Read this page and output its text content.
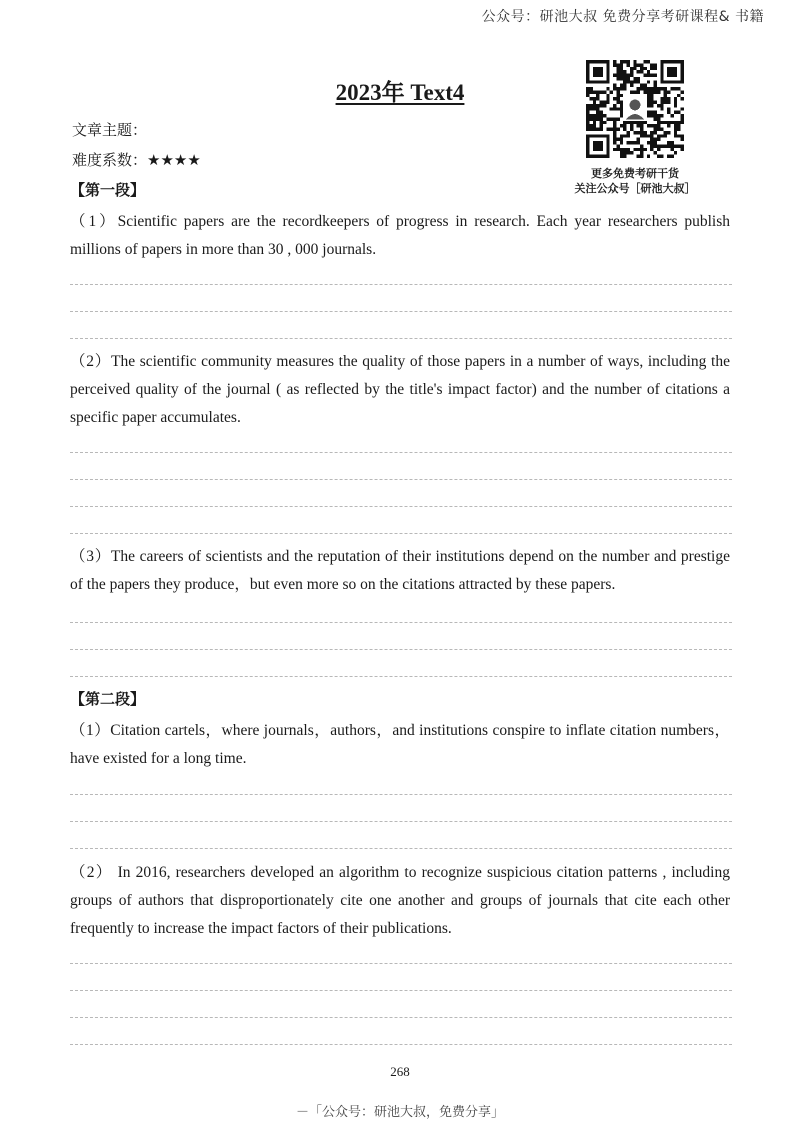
公众号：研池大叔 免费分享考研课程& 书籍
2023年 Text4
更多免费考研干货
关注公众号［研池大叔］
文章主题：
难度系数：★★★★
【第一段】
（1）Scientific papers are the recordkeepers of progress in research. Each year researchers publish millions of papers in more than 30 , 000 journals.
（2）The scientific community measures the quality of those papers in a number of ways, including the perceived quality of the journal ( as reflected by the title's impact factor) and the number of citations a specific paper accumulates.
（3）The careers of scientists and the reputation of their institutions depend on the number and prestige of the papers they produce，but even more so on the citations attracted by these papers.
【第二段】
（1）Citation cartels，where journals，authors，and institutions conspire to inflate citation numbers，have existed for a long time.
（2） In 2016, researchers developed an algorithm to recognize suspicious citation patterns , including groups of authors that disproportionately cite one another and groups of journals that cite each other frequently to increase the impact factors of their publications.
268
－「公众号：研池大叔，免费分享」
